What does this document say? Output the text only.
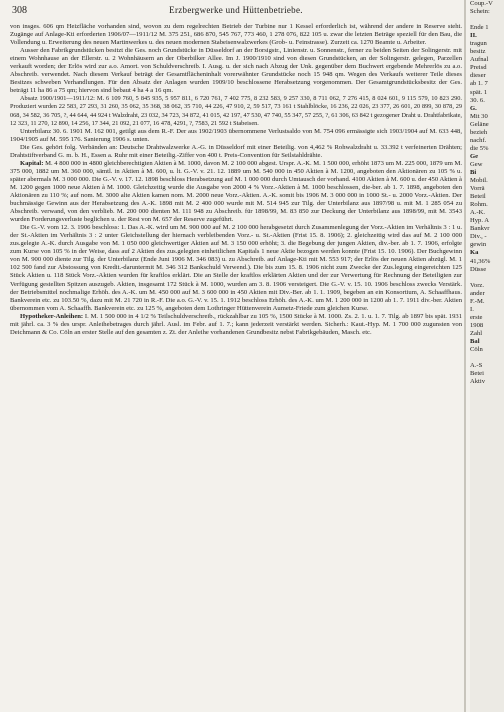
308	Erzbergwerke und Hüttenbetriebe.

von insges. 606 qm Heizfläche vorhanden sind, wovon zu dem regelrechten Betrieb der Turbine nur 1 Kessel erforderlich ist, während der andere in Reserve steht. Zugänge auf Anlage-Kti erforderten 1906/07—1911/12 M. 375 251, 686 870, 545 767, 773 460, 1 278 076, 822 105 u. zwar die letzten Beträge speziell für den Bau, die Vollendung u. Erweiterung des neuen Martinwerkes u. des neuen modernen Stabeisenwalzwerkes (Grob- u. Feinstrasse). Zurzeit ca. 1270 Beamte u. Arbeiter.

Ausser den Fabrikgrundstücken besitzt die Ges. noch Grundstücke in Düsseldorf an der Borsigstr., Linienstr. u. Sonnenstr., ferner zu beiden Seiten der Solingerstr. mit einem Wohnhause an der Ellerstr. u. 2 Wohnhäusern an der Oberbilker Allee. Im J. 1900/1910 sind von diesen Grundstücken, an der Solingerstr. gelegen, Parzellen verkauft worden; der Erlös wird zur a.o. Amort. von Schuldverschreib. I. Ausg. u. der sich nach Abzug der Unk. gegenüber dem Buchwert ergebende Mehrerlös zu a.o. Abschreib. verwendet. Nach diesem Verkauf beträgt der Gesamtflächeninhalt vorerwähnter Grundstücke noch 15 948 qm. Wegen des Verkaufs weiterer Teile dieses Besitzes schweben Verhandlungen. Für den Absatz der Anlagen wurden 1909/10 beschlossene Herabsetzung vorgenommen. Der Gesamtgrundstücksbesitz der Ges. beträgt 11 ha 86 a 75 qm; hiervon sind bebaut 4 ha 4 a 16 qm.

Absatz 1900/1901—1911/12: M. 6 109 760, 5 845 935, 5 957 811, 6 720 761, 7 402 775, 8 232 583, 9 257 330, 8 711 062, 7 276 415, 8 024 601, 9 115 579, 10 823 290. Produziert wurden 22 583, 27 293, 31 260, 35 062, 35 368, 38 062, 35 710, 44 226, 47 910, 2, 59 517, 73 161 t Stahlblöcke, 16 236, 22 026, 23 377, 26 601, 20 899, 30 878, 29 068, 34 582, 36 705, ?, 44 644, 44 924 t Walzdraht, 23 032, 34 723, 34 872, 41 015, 42 197, 47 530, 47 740, 55 347, 57 255, ?, 61 306, 63 842 t gezogener Draht u. Drahtfabrikate, 12 323, 11 270, 12 890, 14 256, 17 344, 21 092, 21 077, 16 478, 4291, ?, 7583, 21 592 t Stabeisen.

Unterbilanz 30. 6. 1901 M. 162 001, getilgt aus dem R.-F. Der aus 1902/1903 übernommene Verlustsaldo von M. 754 096 ermässigte sich 1903/1904 auf M. 633 448, 1904/1905 auf M. 595 176. Sanierung 1906 s. unten.

Die Ges. gehört folg. Verbänden an: Deutsche Drahtwalzwerke A.-G. in Düsseldorf mit einer Beteilig. von 4,462 % Rohwalzdraht u. 33.392 t verfeinerten Drähten; Drahtstiftverband G. m. b. H., Essen a. Ruhr mit einer Beteilig.-Ziffer von 400 t. Preis-Convention für Seilstahldrähte.

Kapital: M. 4 800 000 in 4800 gleichberechtigten Aktien à M. 1000, davon M. 2 100 000 abgest. Urspr. A.-K. M. 1 500 000, erhöht 1873 um M. 225 000, 1879 um M. 375 000, 1882 um M. 360 000, sämtl. in Aktien à M. 600, u. lt. G.-V. v. 21. 12. 1889 um M. 540 000 in 450 Aktien à M. 1200, angeboten den Aktionären zu 105 % u. später abermals M. 3 000 000. Die G.-V. v. 17. 12. 1898 beschloss Herabsetzung auf M. 1 000 000 durch Umtausch der vorhand. 4100 Aktien à M. 600 u. der 450 Aktien à M. 1200 gegen 1000 neue Aktien à M. 1000. Gleichzeitig wurde die Ausgabe von 2000 4 % Vorz.-Aktien à M. 1000 beschlossen, die-ber. ab 1. 7. 1898, angeboten den Aktionären zu 110 %; auf nom. M. 3000 alte Aktien kamen nom. M. 2000 neue Vorz.-Aktien. A.-K. somit bis 1906 M. 3 000 000 in 1000 St.- u. 2000 Vorz.-Aktien. Der buchmässige Gewinn aus der Herabsetzung des A.-K. 1898 mit M. 2 400 000 wurde mit M. 514 945 zur Tilg. der Unterbilanz aus 1897/98 u. mit M. 1 285 054 zu Abschreib. verwand, von den verblieb. M. 200 000 dienten M. 111 948 zu Abschreib. für 1898/99, M. 83 850 zur Deckung der Unterbilanz aus 1898/99, mit M. 3543 wurden Forderungsverluste beglichen u. der Rest von M. 657 der Reserve zugeführt.

Die G.-V. vom 12. 3. 1906 beschloss: 1. Das A.-K. wird um M. 900 000 auf M. 2 100 000 herabgesetzt durch Zusammenlegung der Vorz.-Aktien im Verhältnis 3 : 1 u. der St.-Aktien im Verhältnis 3 : 2 unter Gleichstellung der hiernach verbleibenden Vorz.- u. St.-Aktien (Frist 15. 8. 1906); 2. gleichzeitig wird das auf M. 2 100 000 zus.gelegte A.-K. durch Ausgabe von M. 1 050 000 gleichwertiger Aktien auf M. 3 150 000 erhöht; 3. die Begebung der jungen Aktien, div.-ber. ab 1. 7. 1906, erfolgte zum Kurse von 105 % in der Weise, dass auf 2 Aktien des zus.gelegten einheitlichen Kapitals 1 neue Aktie bezogen werden konnte (Frist 15. 10. 1906). Der Buchgewinn von M. 900 000 diente zur Tilg. der Unterbilanz (Ende Juni 1906 M. 346 083) u. zu Abschreib. auf Anlage-Kti mit M. 553 917; der Erlös der neuen Aktien abzügl. M. 1 102 500 fand zur Abstossung von Kredit.-daruntermit M. 346 312 Bankschuld Verwend.). Die bis zum 15. 8. 1906 nicht zum Zwecke der Zus.legung eingereichten 125 Stück Aktien u. 118 Stück Vorz.-Aktien wurden für kraftlos erklärt. Die an Stelle der kraftlos erklärten Aktien und der zur Verwertung für Rechnung der Beteiligten zur Verfügung gestellten Spitzen auszugeb. Aktien, insgesamt 172 Stück à M. 1000, wurden am 3. 8. 1906 versteigert. Die G.-V. v. 15. 10. 1906 beschloss zwecks Verstärk. der Betriebsmittel nochmalige Erhöh. des A.-K. um M. 450 000 auf M. 3 600 000 in 450 Aktien mit Div.-Ber. ab 1. 1. 1909, begeben an ein Konsortium, A. Schaaffhaus. Bankverein etc. zu 103.50 %, dazu mit M. 21 720 in R.-F. Die a.o. G.-V. v. 15. 1. 1912 beschloss Erhöh. des A.-K. um M. 1 200 000 in 1200 ab 1. 7. 1911 div.-ber. Aktien übernommen vom A. Schaaffh. Bankverein etc. zu 125 %, angeboten dem Lothringer Hüttenverein Aumetz-Friede zum gleichen Kurse.

Hypotheker-Anleihen: I. M. 1 500 000 in 4 1/2 % Teilschuldverschreib., rückzahlbar zu 105 %, 1500 Stücke à M. 1000. Zs. 2. 1. u. 1. 7. Tilg. ab 1897 bis spät. 1931 mit jährl. ca. 3 % des urspr. Anleihebetrages durch jährl. Ausl. im Febr. auf 1. 7.; kann jederzeit verstärkt werden. Sicherh.: Kaut.-Hyp. M. 1 700 000 zugunsten von Deichmann & Co. Cöln an erster Stelle auf den gesamten z. Zt. der Anleihe vorhandenen Grundbesitz nebst Fabrikgebäuden, Masch. etc.

Coup.-V
Schein:
Ende 1
II.
tragun
besitz
Aufnal
Preisd
dieser
ab 1. 7
spät. 1
30. 6.
G.
Mit 30
Geläne
bezieh
nachf.
die 5%
Ge
Gew
Bi
Mobil.
Vorrä
Beteil
Rohm.
A.-K.
Hyp. A
Bankvr
Div., -
gewin
Ka
41,36%
Düsse
Vorz.
ander
F.-M.
I.
erste
1908
Zahl
Bal
Cöln
A.-S
Betei
Aktiv
